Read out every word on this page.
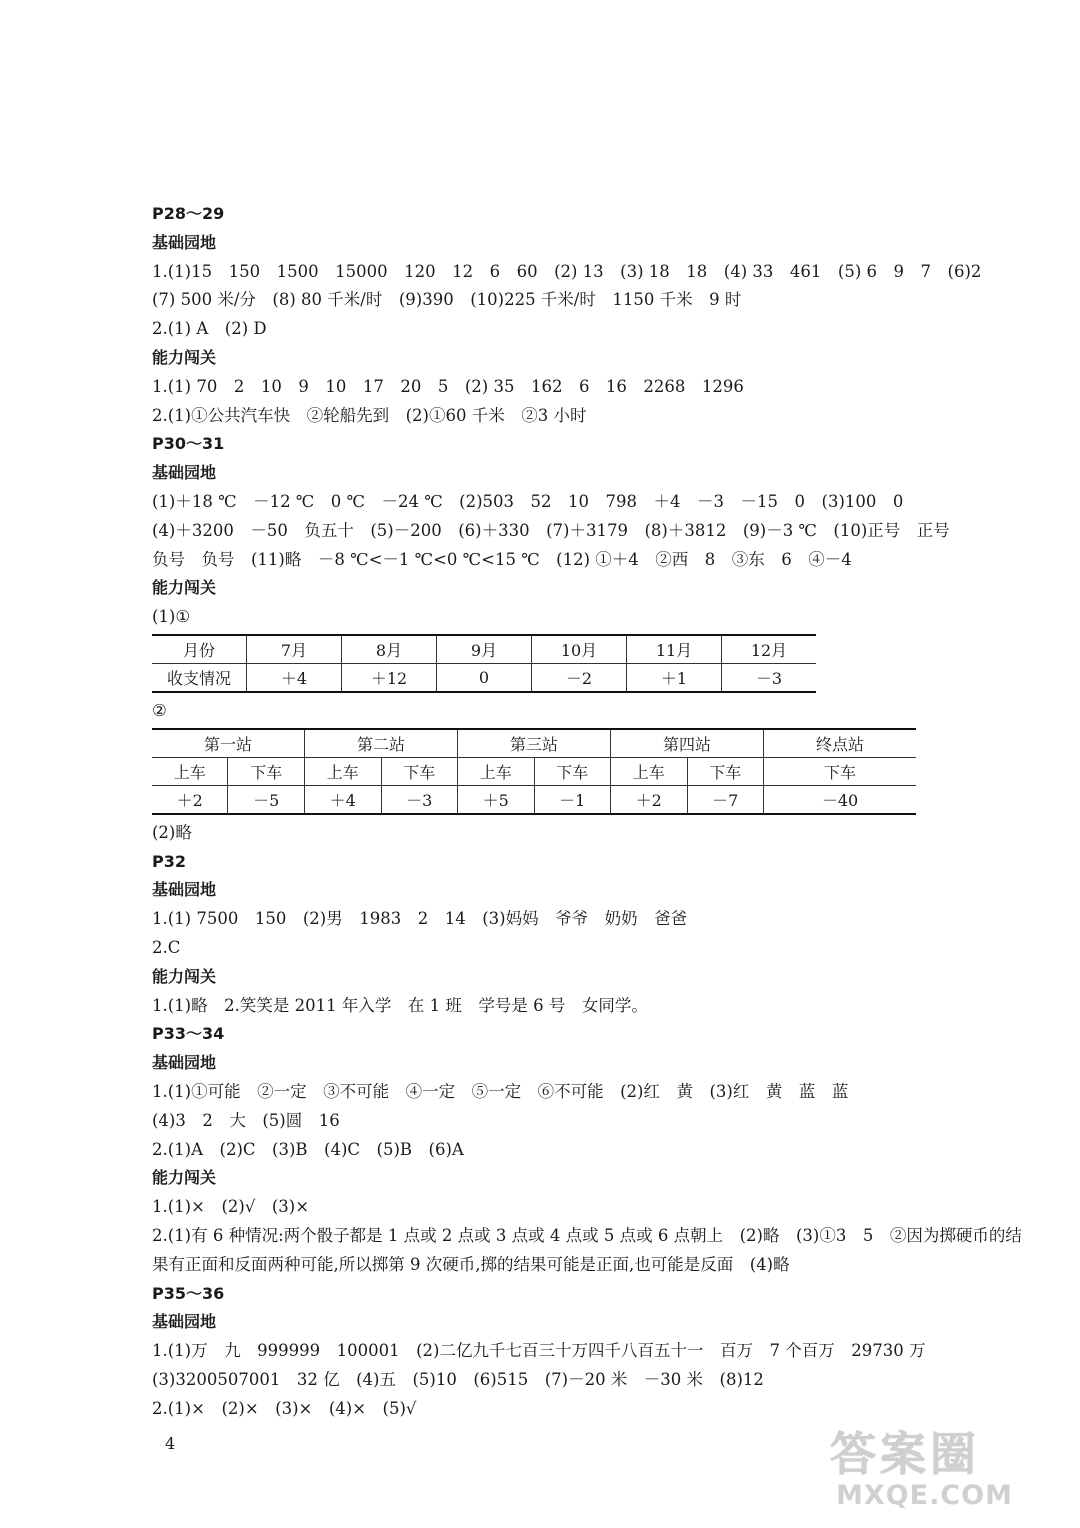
P28～29
基础园地
1.(1)15　150　1500　15000　120　12　6　60　(2) 13　(3) 18　18　(4) 33　461　(5) 6　9　7　(6)2
(7) 500 米/分　(8) 80 千米/时　(9)390　(10)225 千米/时　1150 千米　9 时
2.(1) A　(2) D
能力闯关
1.(1) 70　2　10　9　10　17　20　5　(2) 35　162　6　16　2268　1296
2.(1)①公共汽车快　②轮船先到　(2)①60 千米　②3 小时
P30～31
基础园地
(1)＋18 ℃　－12 ℃　0 ℃　－24 ℃　(2)503　52　10　798　＋4　－3　－15　0　(3)100　0
(4)＋3200　－50　负五十　(5)－200　(6)＋330　(7)＋3179　(8)＋3812　(9)－3 ℃　(10)正号　正号
负号　负号　(11)略　－8 ℃<－1 ℃<0 ℃<15 ℃　(12) ①＋4　②西　8　③东　6　④－4
能力闯关
(1)①
月份	7月	8月	9月	10月	11月	12月
收支情况	＋4	＋12	0	－2	＋1	－3
②
第一站		第二站		第三站		第四站		终点站
上车	下车	上车	下车	上车	下车	上车	下车	下车
＋2	－5	＋4	－3	＋5	－1	＋2	－7	－40
(2)略
P32
基础园地
1.(1) 7500　150　(2)男　1983　2　14　(3)妈妈　爷爷　奶奶　爸爸
2.C
能力闯关
1.(1)略　2.笑笑是 2011 年入学　在 1 班　学号是 6 号　女同学。
P33～34
基础园地
1.(1)①可能　②一定　③不可能　④一定　⑤一定　⑥不可能　(2)红　黄　(3)红　黄　蓝　蓝
(4)3　2　大　(5)圆　16
2.(1)A　(2)C　(3)B　(4)C　(5)B　(6)A
能力闯关
1.(1)×　(2)√　(3)×
2.(1)有 6 种情况:两个骰子都是 1 点或 2 点或 3 点或 4 点或 5 点或 6 点朝上　(2)略　(3)①3　5　②因为掷硬币的结果有正面和反面两种可能,所以掷第 9 次硬币,掷的结果可能是正面,也可能是反面　(4)略
P35～36
基础园地
1.(1)万　九　999999　100001　(2)二亿九千七百三十万四千八百五十一　百万　7 个百万　29730 万
(3)3200507001　32 亿　(4)五　(5)10　(6)515　(7)－20 米　－30 米　(8)12
2.(1)×　(2)×　(3)×　(4)×　(5)√
4	答案圈
MXQE.COM
